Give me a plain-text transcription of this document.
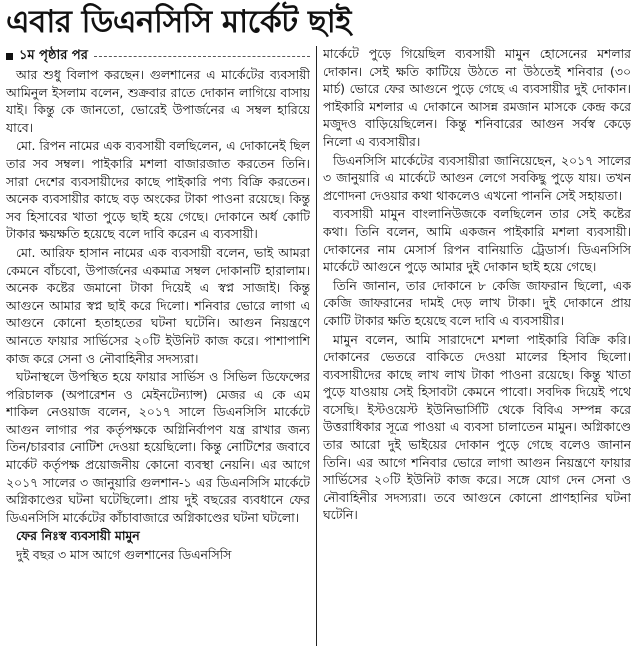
এবার ডিএনসিসি মার্কেট ছাই
১ম পৃষ্ঠার পর

আর শুধু বিলাপ করছেন। গুলশানের এ মার্কেটের ব্যবসায়ী আমিনুল ইসলাম বলেন, শুক্রবার রাতে দোকান লাগিয়ে বাসায় যাই। কিন্তু কে জানতো, ভোরেই উপার্জনের এ সম্বল হারিয়ে যাবে।

মো. রিপন নামের এক ব্যবসায়ী বলছিলেন, এ দোকানেই ছিল তার সব সম্বল। পাইকারি মশলা বাজারজাত করতেন তিনি। সারা দেশের ব্যবসায়ীদের কাছে পাইকারি পণ্য বিক্রি করতেন। অনেক ব্যবসায়ীর কাছে বড় অংকের টাকা পাওনা রয়েছে। কিন্তু সব হিসাবের খাতা পুড়ে ছাই হয়ে গেছে। দোকানে অর্ধ কোটি টাকার ক্ষয়ক্ষতি হয়েছে বলে দাবি করেন এ ব্যবসায়ী।

মো. আরিফ হাসান নামের এক ব্যবসায়ী বলেন, ভাই আমরা কেমনে বাঁচবো, উপার্জনের একমাত্র সম্বল দোকানটি হারালাম। অনেক কষ্টের জমানো টাকা দিয়েই এ স্বপ্ন সাজাই। কিন্তু আগুনে আমার স্বপ্ন ছাই করে দিলো। শনিবার ভোরে লাগা এ আগুনে কোনো হতাহতের ঘটনা ঘটেনি। আগুন নিয়ন্ত্রণে আনতে ফায়ার সার্ভিসের ২০টি ইউনিট কাজ করে। পাশাপাশি কাজ করে সেনা ও নৌবাহিনীর সদস্যরা।

ঘটনাস্থলে উপস্থিত হয়ে ফায়ার সার্ভিস ও সিভিল ডিফেন্সের পরিচালক (অপারেশন ও মেইনটেন্যান্স) মেজর এ কে এম শাকিল নেওয়াজ বলেন, ২০১৭ সালে ডিএনসিসি মার্কেটে আগুন লাগার পর কর্তৃপক্ষকে অগ্নিনির্বাপণ যন্ত্র রাখার জন্য তিন/চারবার নোটিশ দেওয়া হয়েছিলো। কিন্তু নোটিশের জবাবে মার্কেট কর্তৃপক্ষ প্রয়োজনীয় কোনো ব্যবস্থা নেয়নি। এর আগে ২০১৭ সালের ৩ জানুয়ারি গুলশান-১ এর ডিএনসিসি মার্কেটে অগ্নিকাণ্ডের ঘটনা ঘটেছিলো। প্রায় দুই বছরের ব্যবধানে ফের ডিএনসিসি মার্কেটের কাঁচাবাজারে অগ্নিকাণ্ডের ঘটনা ঘটলো।

ফের নিঃস্ব ব্যবসায়ী মামুন

দুই বছর ৩ মাস আগে গুলশানের ডিএনসিসি

মার্কেটে পুড়ে গিয়েছিল ব্যবসায়ী মামুন হোসেনের মশলার দোকান। সেই ক্ষতি কাটিয়ে উঠতে না উঠতেই শনিবার (৩০ মার্চ) ভোরে ফের আগুনে পুড়ে গেছে এ ব্যবসায়ীর দুই দোকান। পাইকারি মশলার এ দোকানে আসন্ন রমজান মাসকে কেন্দ্র করে মজুদও বাড়িয়েছিলেন। কিন্তু শনিবারের আগুন সর্বস্ব কেড়ে নিলো এ ব্যবসায়ীর।

ডিএনসিসি মার্কেটের ব্যবসায়ীরা জানিয়েছেন, ২০১৭ সালের ৩ জানুয়ারি এ মার্কেটে আগুন লেগে সবকিছু পুড়ে যায়। তখন প্রণোদনা দেওয়ার কথা থাকলেও এখনো পাননি সেই সহায়তা।

ব্যবসায়ী মামুন বাংলানিউজকে বলছিলেন তার সেই কষ্টের কথা। তিনি বলেন, আমি একজন পাইকারি মশলা ব্যবসায়ী। দোকানের নাম মেসার্স রিপন বানিয়াতি ট্রেডার্স। ডিএনসিসি মার্কেটে আগুনে পুড়ে আমার দুই দোকান ছাই হয়ে গেছে।

তিনি জানান, তার দোকানে ৮ কেজি জাফরান ছিলো, এক কেজি জাফরানের দামই দেড় লাখ টাকা। দুই দোকানে প্রায় কোটি টাকার ক্ষতি হয়েছে বলে দাবি এ ব্যবসায়ীর।

মামুন বলেন, আমি সারাদেশে মশলা পাইকারি বিক্রি করি। দোকানের ভেতরে বাকিতে দেওয়া মালের হিসাব ছিলো। ব্যবসায়ীদের কাছে লাখ লাখ টাকা পাওনা রয়েছে। কিন্তু খাতা পুড়ে যাওয়ায় সেই হিসাবটা কেমনে পাবো। সবদিক দিয়েই পথে বসেছি। ইস্টওয়েস্ট ইউনিভার্সিটি থেকে বিবিএ সম্পন্ন করে উত্তরাধিকার সূত্রে পাওয়া এ ব্যবসা চালাতেন মামুন। অগ্নিকাণ্ডে তার আরো দুই ভাইয়ের দোকান পুড়ে গেছে বলেও জানান তিনি। এর আগে শনিবার ভোরে লাগা আগুন নিয়ন্ত্রণে ফায়ার সার্ভিসের ২০টি ইউনিট কাজ করে। সঙ্গে যোগ দেন সেনা ও নৌবাহিনীর সদস্যরা। তবে আগুনে কোনো প্রাণহানির ঘটনা ঘটেনি।
